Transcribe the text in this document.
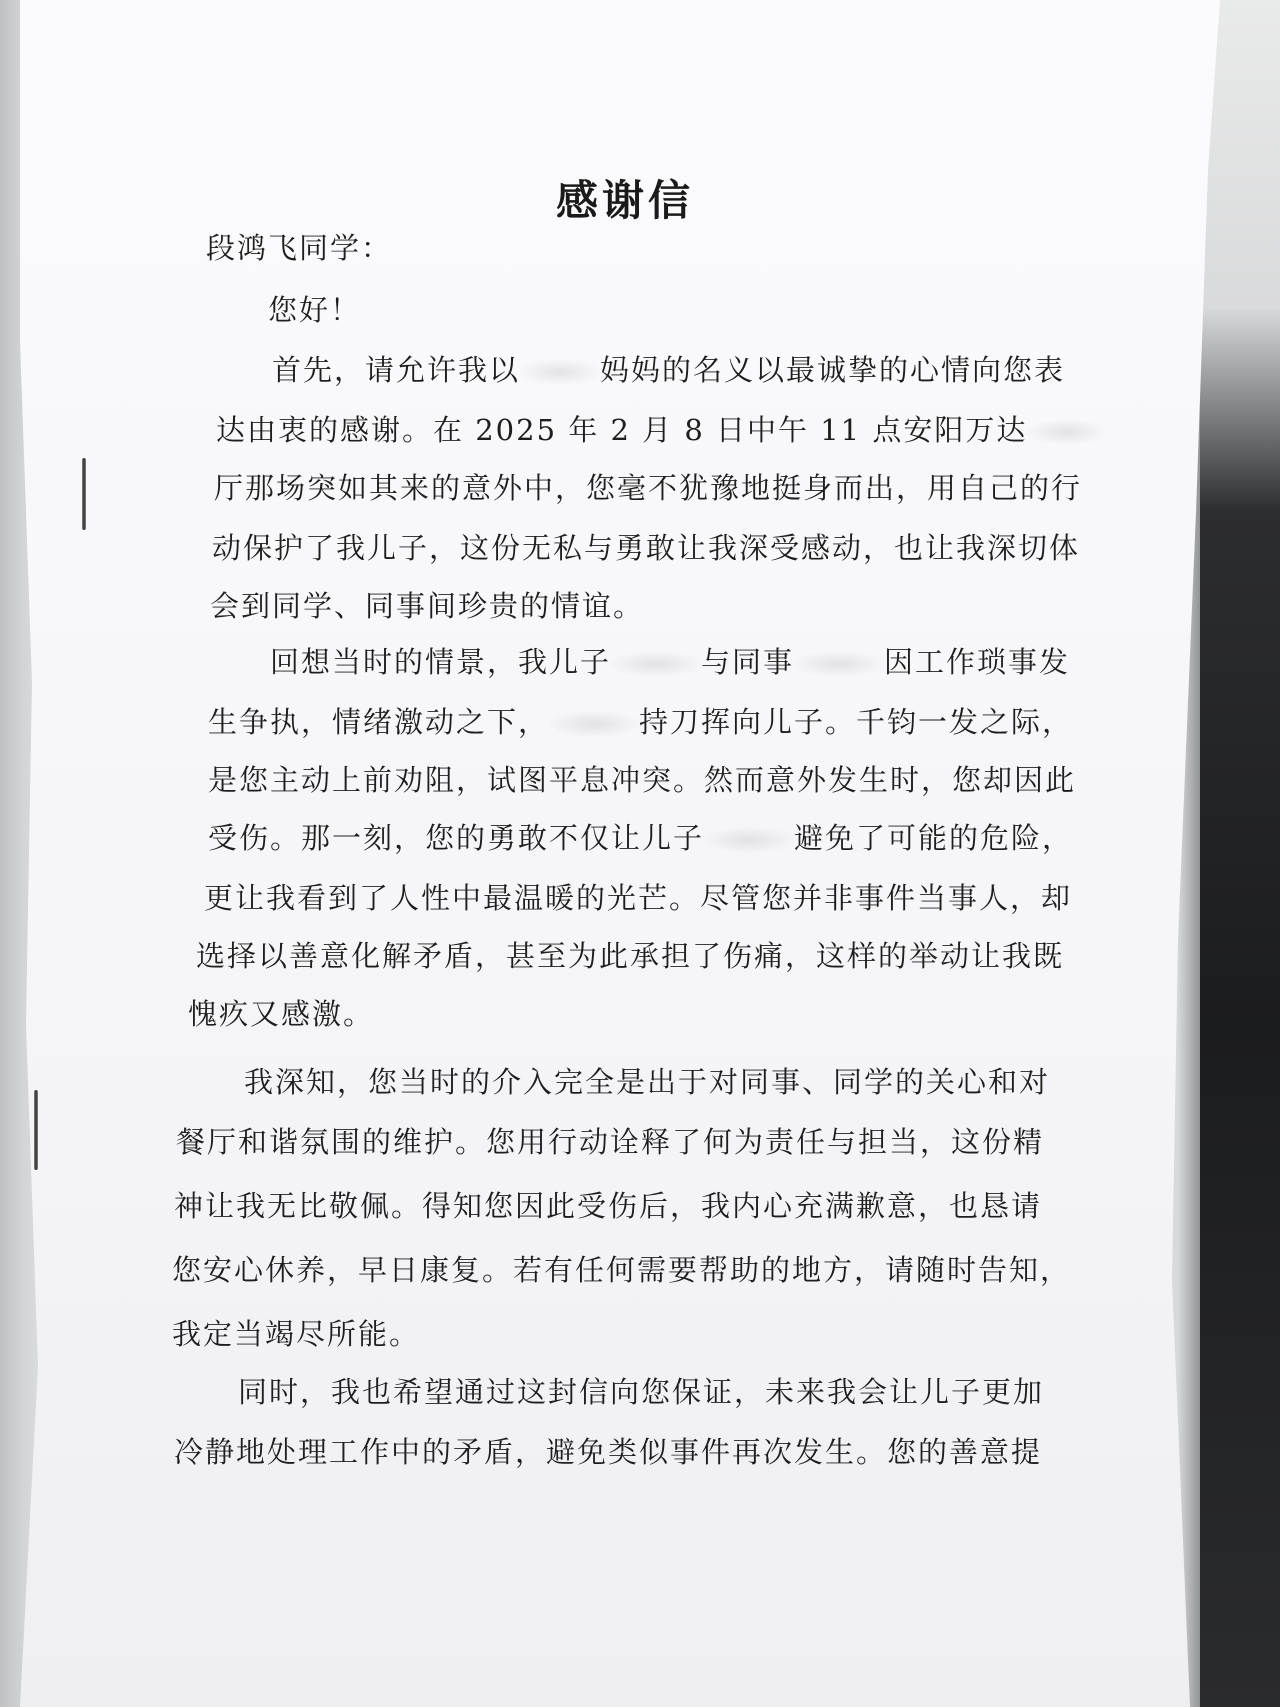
感谢信
段鸿飞同学：
您好！
首先，请允许我以	妈妈的名义以最诚挚的心情向您表
达由衷的感谢。在 2025 年 2 月 8 日中午 11 点安阳万达
厅那场突如其来的意外中，您毫不犹豫地挺身而出，用自己的行
动保护了我儿子，这份无私与勇敢让我深受感动，也让我深切体
会到同学、同事间珍贵的情谊。
回想当时的情景，我儿子	与同事	因工作琐事发
生争执，情绪激动之下，	持刀挥向儿子。千钧一发之际，
是您主动上前劝阻，试图平息冲突。然而意外发生时，您却因此
受伤。那一刻，您的勇敢不仅让儿子	避免了可能的危险，
更让我看到了人性中最温暖的光芒。尽管您并非事件当事人，却
选择以善意化解矛盾，甚至为此承担了伤痛，这样的举动让我既
愧疚又感激。
我深知，您当时的介入完全是出于对同事、同学的关心和对
餐厅和谐氛围的维护。您用行动诠释了何为责任与担当，这份精
神让我无比敬佩。得知您因此受伤后，我内心充满歉意，也恳请
您安心休养，早日康复。若有任何需要帮助的地方，请随时告知，
我定当竭尽所能。
同时，我也希望通过这封信向您保证，未来我会让儿子更加
冷静地处理工作中的矛盾，避免类似事件再次发生。您的善意提
